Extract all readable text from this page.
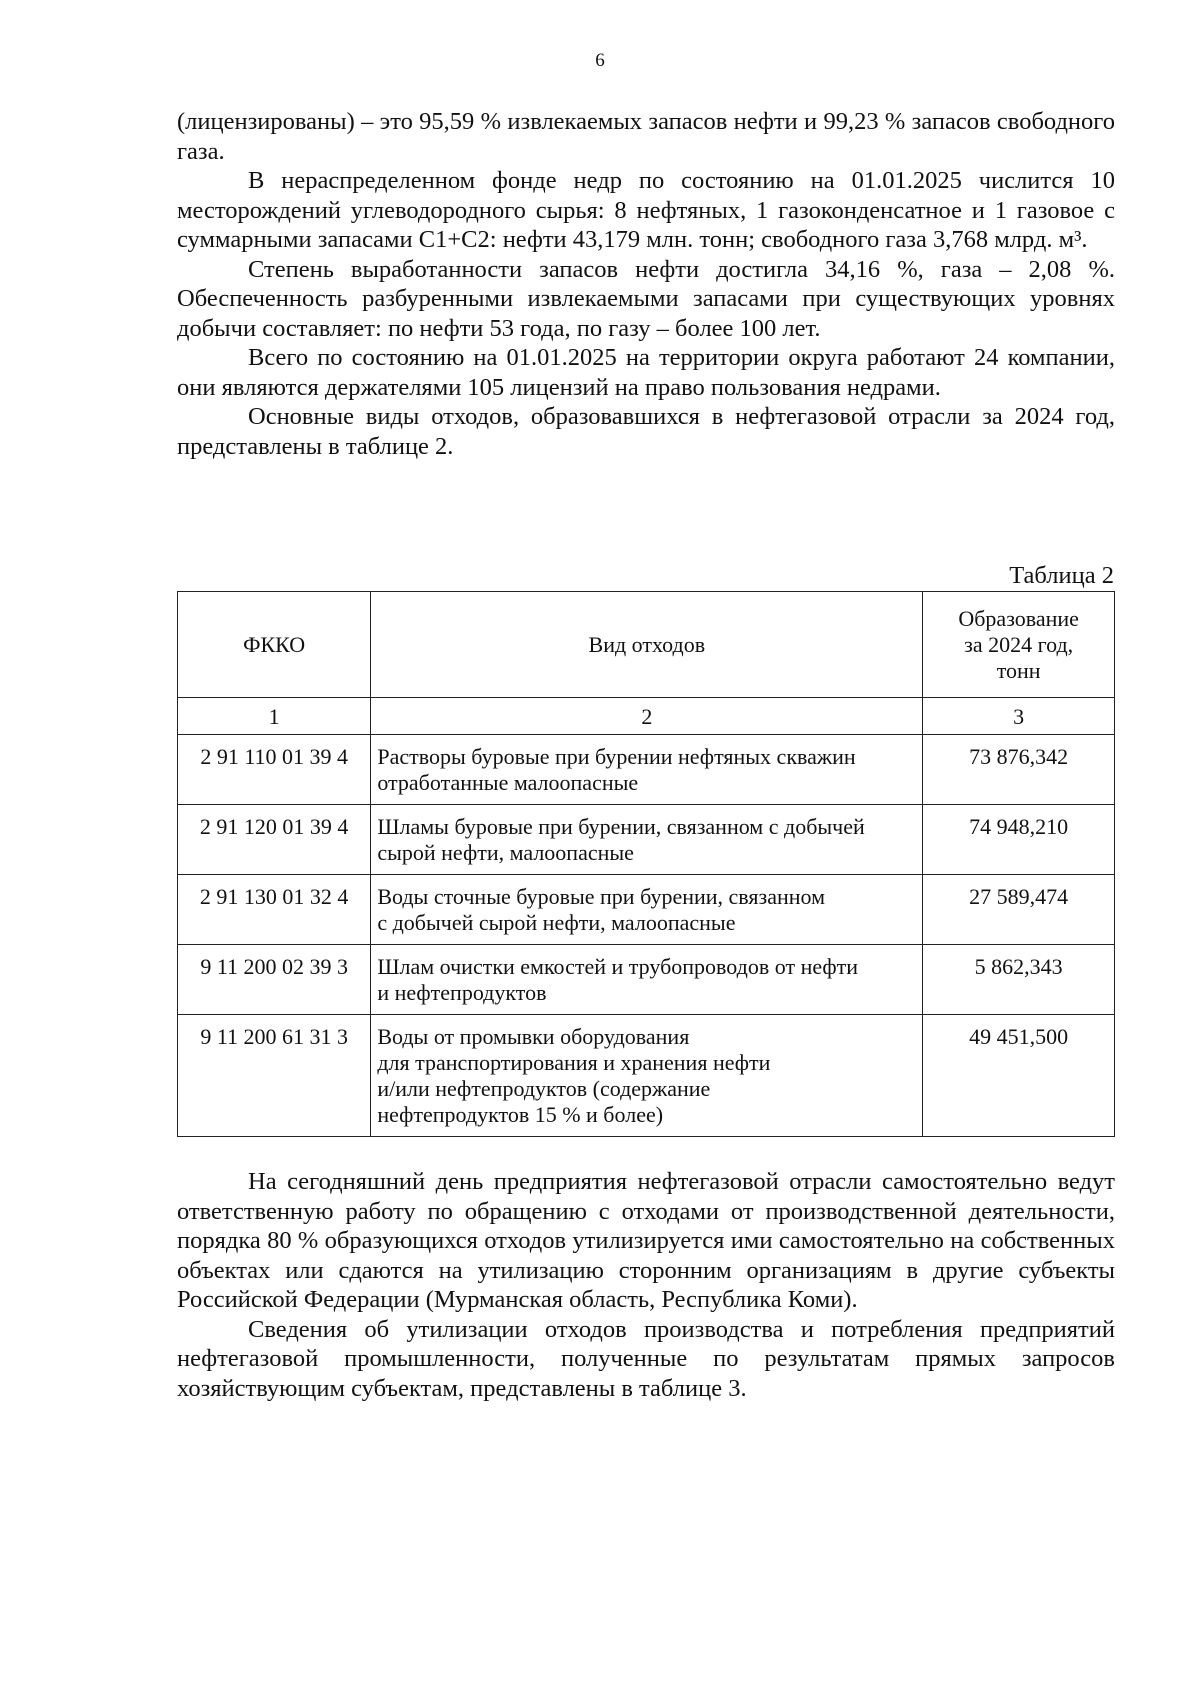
6

(лицензированы) – это 95,59 % извлекаемых запасов нефти и 99,23 % запасов свободного газа.

В нераспределенном фонде недр по состоянию на 01.01.2025 числится 10 месторождений углеводородного сырья: 8 нефтяных, 1 газоконденсатное и 1 газовое с суммарными запасами С1+С2: нефти 43,179 млн. тонн; свободного газа 3,768 млрд. м³.

Степень выработанности запасов нефти достигла 34,16 %, газа – 2,08 %. Обеспеченность разбуренными извлекаемыми запасами при существующих уровнях добычи составляет: по нефти 53 года, по газу – более 100 лет.

Всего по состоянию на 01.01.2025 на территории округа работают 24 компании, они являются держателями 105 лицензий на право пользования недрами.

Основные виды отходов, образовавшихся в нефтегазовой отрасли за 2024 год, представлены в таблице 2.

Таблица 2
ФККО	Вид отходов	Образование
за 2024 год,
тонн
1	2	3
2 91 110 01 39 4	Растворы буровые при бурении нефтяных скважин
отработанные малоопасные	73 876,342
2 91 120 01 39 4	Шламы буровые при бурении, связанном с добычей
сырой нефти, малоопасные	74 948,210
2 91 130 01 32 4	Воды сточные буровые при бурении, связанном
с добычей сырой нефти, малоопасные	27 589,474
9 11 200 02 39 3	Шлам очистки емкостей и трубопроводов от нефти
и нефтепродуктов	5 862,343
9 11 200 61 31 3	Воды от промывки оборудования
для транспортирования и хранения нефти
и/или нефтепродуктов (содержание
нефтепродуктов 15 % и более)	49 451,500

На сегодняшний день предприятия нефтегазовой отрасли самостоятельно ведут ответственную работу по обращению с отходами от производственной деятельности, порядка 80 % образующихся отходов утилизируется ими самостоятельно на собственных объектах или сдаются на утилизацию сторонним организациям в другие субъекты Российской Федерации (Мурманская область, Республика Коми).

Сведения об утилизации отходов производства и потребления предприятий нефтегазовой промышленности, полученные по результатам прямых запросов хозяйствующим субъектам, представлены в таблице 3.
